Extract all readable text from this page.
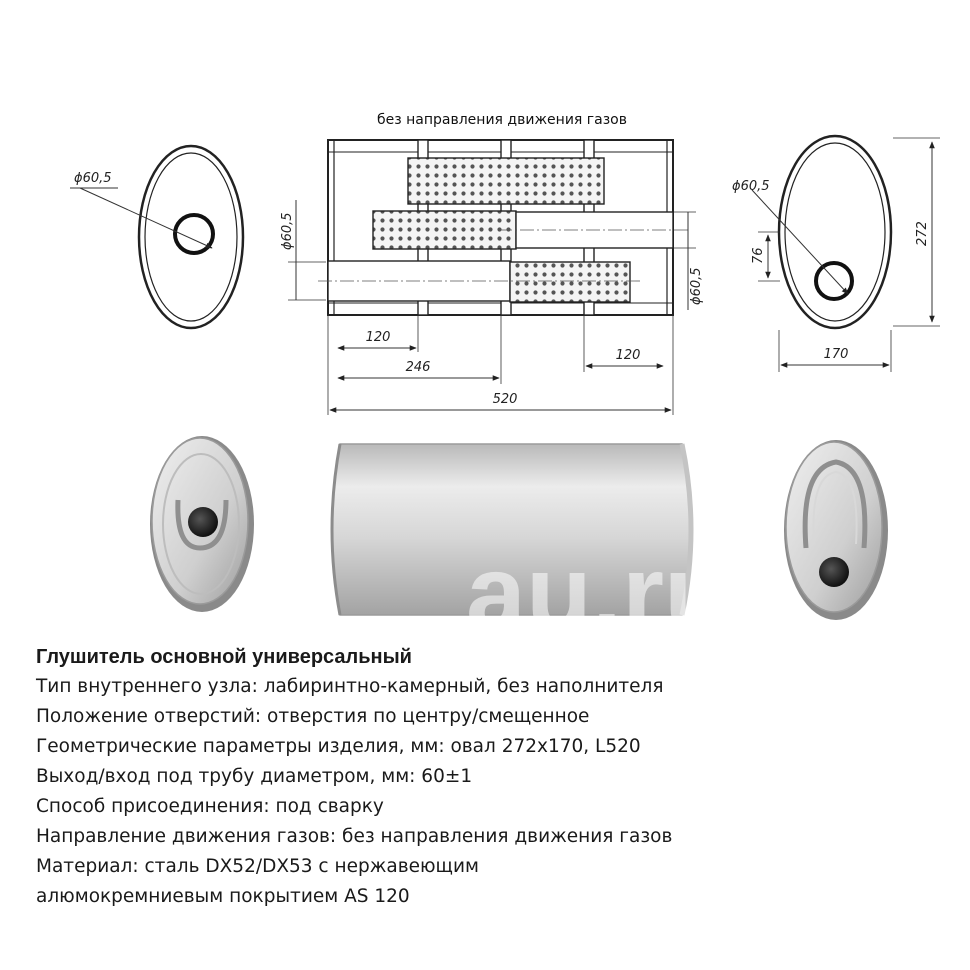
без направления движения газов
ϕ60,5
ϕ60,5
ϕ60,5
120
246
120
520
ϕ60,5
272
76
170
au.ru

Глушитель основной универсальный

Тип внутреннего узла: лабиринтно-камерный, без наполнителя

Положение отверстий: отверстия по центру/смещенное

Геометрические параметры изделия, мм: овал 272x170, L520

Выход/вход под трубу диаметром, мм: 60±1

Способ присоединения: под сварку

Направление движения газов: без направления движения газов

Материал: сталь DX52/DX53 с нержавеющим

алюмокремниевым покрытием AS 120
